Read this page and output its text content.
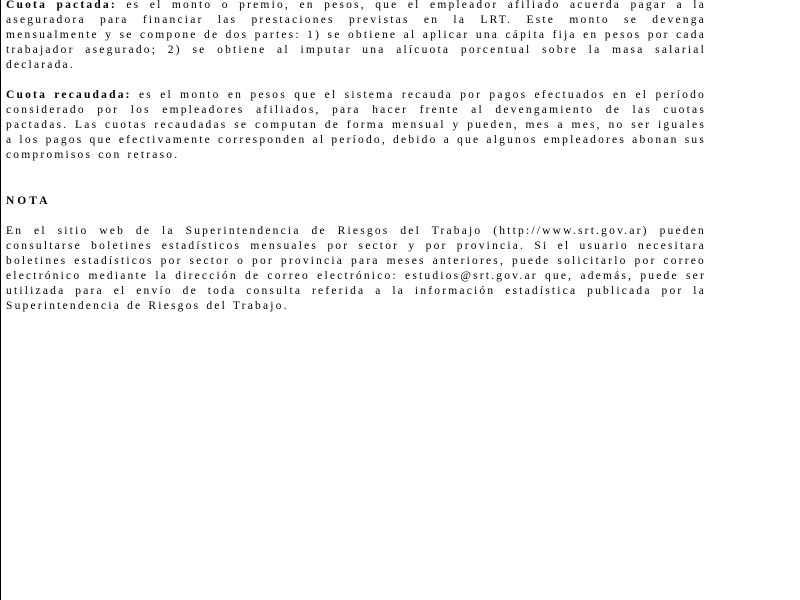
Cuota pactada: es el monto o premio, en pesos, que el empleador afiliado acuerda pagar a la aseguradora para financiar las prestaciones previstas en la LRT. Este monto se devenga mensualmente y se compone de dos partes: 1) se obtiene al aplicar una cápita fija en pesos por cada trabajador asegurado; 2) se obtiene al imputar una alícuota porcentual sobre la masa salarial declarada.

Cuota recaudada: es el monto en pesos que el sistema recauda por pagos efectuados en el período considerado por los empleadores afiliados, para hacer frente al devengamiento de las cuotas pactadas. Las cuotas recaudadas se computan de forma mensual y pueden, mes a mes, no ser iguales a los pagos que efectivamente corresponden al período, debido a que algunos empleadores abonan sus compromisos con retraso.

NOTA

En el sitio web de la Superintendencia de Riesgos del Trabajo (http://www.srt.gov.ar) pueden consultarse boletines estadísticos mensuales por sector y por provincia. Si el usuario necesitara boletines estadísticos por sector o por provincia para meses anteriores, puede solicitarlo por correo electrónico mediante la dirección de correo electrónico: estudios@srt.gov.ar que, además, puede ser utilizada para el envío de toda consulta referida a la información estadística publicada por la Superintendencia de Riesgos del Trabajo.
